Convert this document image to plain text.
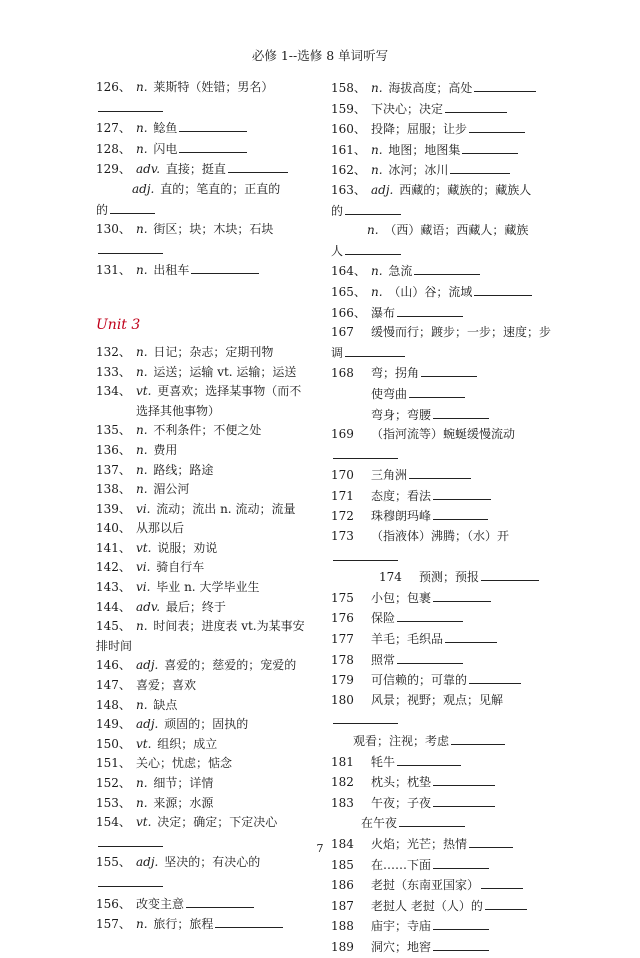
必修 1--选修 8 单词听写
126、 n. 莱斯特（姓错；男名）
127、 n. 鲶鱼
128、 n. 闪电
129、 adv. 直接；挺直
adj. 直的；笔直的；正直的
的
130、 n. 街区；块；木块；石块
131、 n. 出租车
Unit 3
132、 n. 日记；杂志；定期刊物
133、 n. 运送；运输 vt. 运输；运送
134、 vt. 更喜欢；选择某事物（而不
选择其他事物）
135、 n. 不利条件；不便之处
136、 n. 费用
137、 n. 路线；路途
138、 n. 湄公河
139、 vi. 流动；流出 n. 流动；流量
140、 从那以后
141、 vt. 说服；劝说
142、 vi. 骑自行车
143、 vi. 毕业 n. 大学毕业生
144、 adv. 最后；终于
145、 n. 时间表；进度表 vt.为某事安
排时间
146、 adj. 喜爱的；慈爱的；宠爱的
147、 喜爱；喜欢
148、 n. 缺点
149、 adj. 顽固的；固执的
150、 vt. 组织；成立
151、 关心；忧虑；惦念
152、 n. 细节；详情
153、 n. 来源；水源
154、 vt. 决定；确定；下定决心
155、 adj. 坚决的；有决心的
156、 改变主意
157、 n. 旅行；旅程
158、 n. 海拔高度；高处
159、 下决心；决定
160、 投降；屈服；让步
161、 n. 地图；地图集
162、 n. 冰河；冰川
163、 adj. 西藏的；藏族的；藏族人
的
n. （西）藏语；西藏人；藏族
人
164、 n. 急流
165、 n. （山）谷；流域
166、 瀑布
167 缓慢而行；踱步；一步；速度；步
调
168 弯；拐角
使弯曲
弯身；弯腰
169 （指河流等）蜿蜒缓慢流动
170 三角洲
171 态度；看法
172 珠穆朗玛峰
173 （指液体）沸腾；（水）开
174 预测；预报
175 小包；包裹
176 保险
177 羊毛；毛织品
178 照常
179 可信赖的；可靠的
180 风景；视野；观点；见解
观看；注视；考虑
181 牦牛
182 枕头；枕垫
183 午夜；子夜
在午夜
184 火焰；光芒；热情
185 在……下面
186 老挝（东南亚国家）
187 老挝人 老挝（人）的
188 庙宇；寺庙
189 洞穴；地窖
7
